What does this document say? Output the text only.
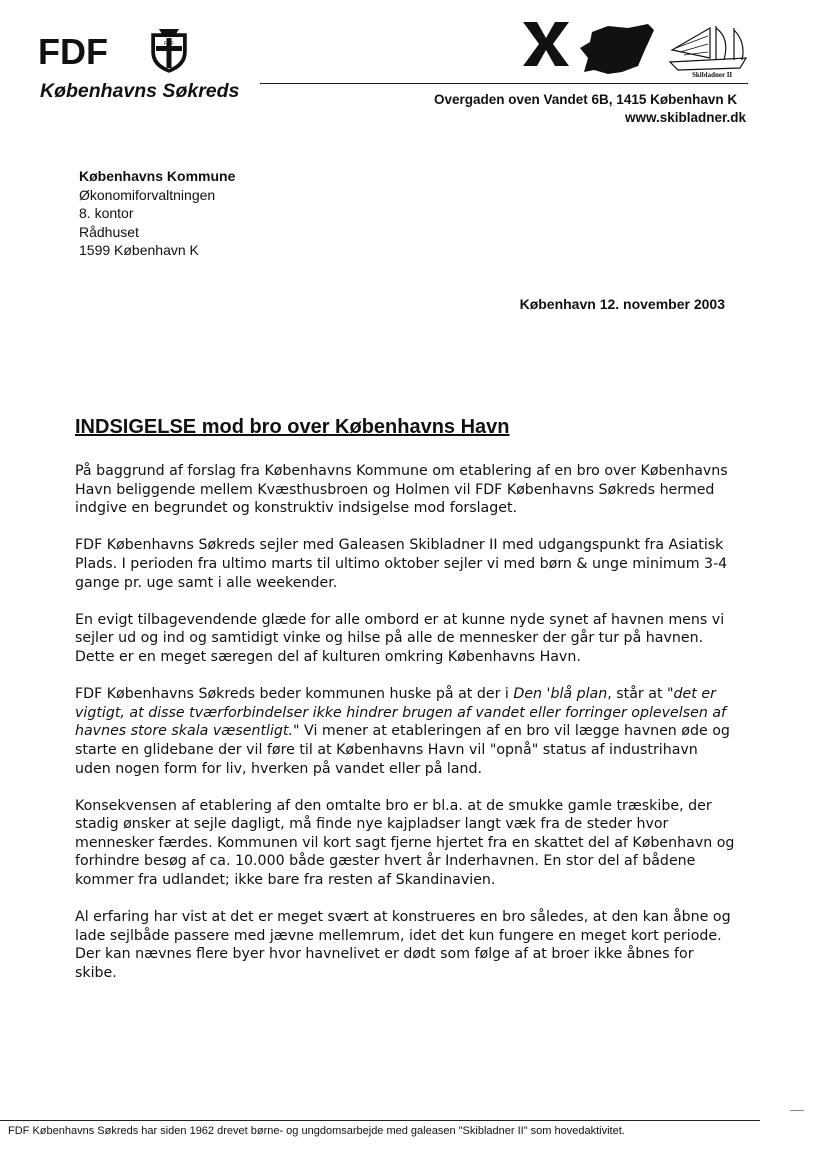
FDF	FDF
Københavns Søkreds
Skibladner II
Overgaden oven Vandet 6B, 1415 København K
www.skibladner.dk
Københavns Kommune
Økonomiforvaltningen
8. kontor
Rådhuset
1599 København K
København 12. november 2003
INDSIGELSE mod bro over Københavns Havn

På baggrund af forslag fra Københavns Kommune om etablering af en bro over Københavns Havn beliggende mellem Kvæsthusbroen og Holmen vil FDF Københavns Søkreds hermed indgive en begrundet og konstruktiv indsigelse mod forslaget.

FDF Københavns Søkreds sejler med Galeasen Skibladner II med udgangspunkt fra Asiatisk Plads. I perioden fra ultimo marts til ultimo oktober sejler vi med børn & unge minimum 3-4 gange pr. uge samt i alle weekender.

En evigt tilbagevendende glæde for alle ombord er at kunne nyde synet af havnen mens vi sejler ud og ind og samtidigt vinke og hilse på alle de mennesker der går tur på havnen. Dette er en meget særegen del af kulturen omkring Københavns Havn.

FDF Københavns Søkreds beder kommunen huske på at der i Den 'blå plan, står at "det er vigtigt, at disse tværforbindelser ikke hindrer brugen af vandet eller forringer oplevelsen af havnes store skala væsentligt." Vi mener at etableringen af en bro vil lægge havnen øde og starte en glidebane der vil føre til at Københavns Havn vil "opnå" status af industrihavn uden nogen form for liv, hverken på vandet eller på land.

Konsekvensen af etablering af den omtalte bro er bl.a. at de smukke gamle træskibe, der stadig ønsker at sejle dagligt, må finde nye kajpladser langt væk fra de steder hvor mennesker færdes. Kommunen vil kort sagt fjerne hjertet fra en skattet del af København og forhindre besøg af ca. 10.000 både gæster hvert år Inderhavnen. En stor del af bådene kommer fra udlandet; ikke bare fra resten af Skandinavien.

Al erfaring har vist at det er meget svært at konstrueres en bro således, at den kan åbne og lade sejlbåde passere med jævne mellemrum, idet det kun fungere en meget kort periode. Der kan nævnes flere byer hvor havnelivet er dødt som følge af at broer ikke åbnes for skibe.

FDF Københavns Søkreds har siden 1962 drevet børne- og ungdomsarbejde med galeasen "Skibladner II" som hovedaktivitet.
